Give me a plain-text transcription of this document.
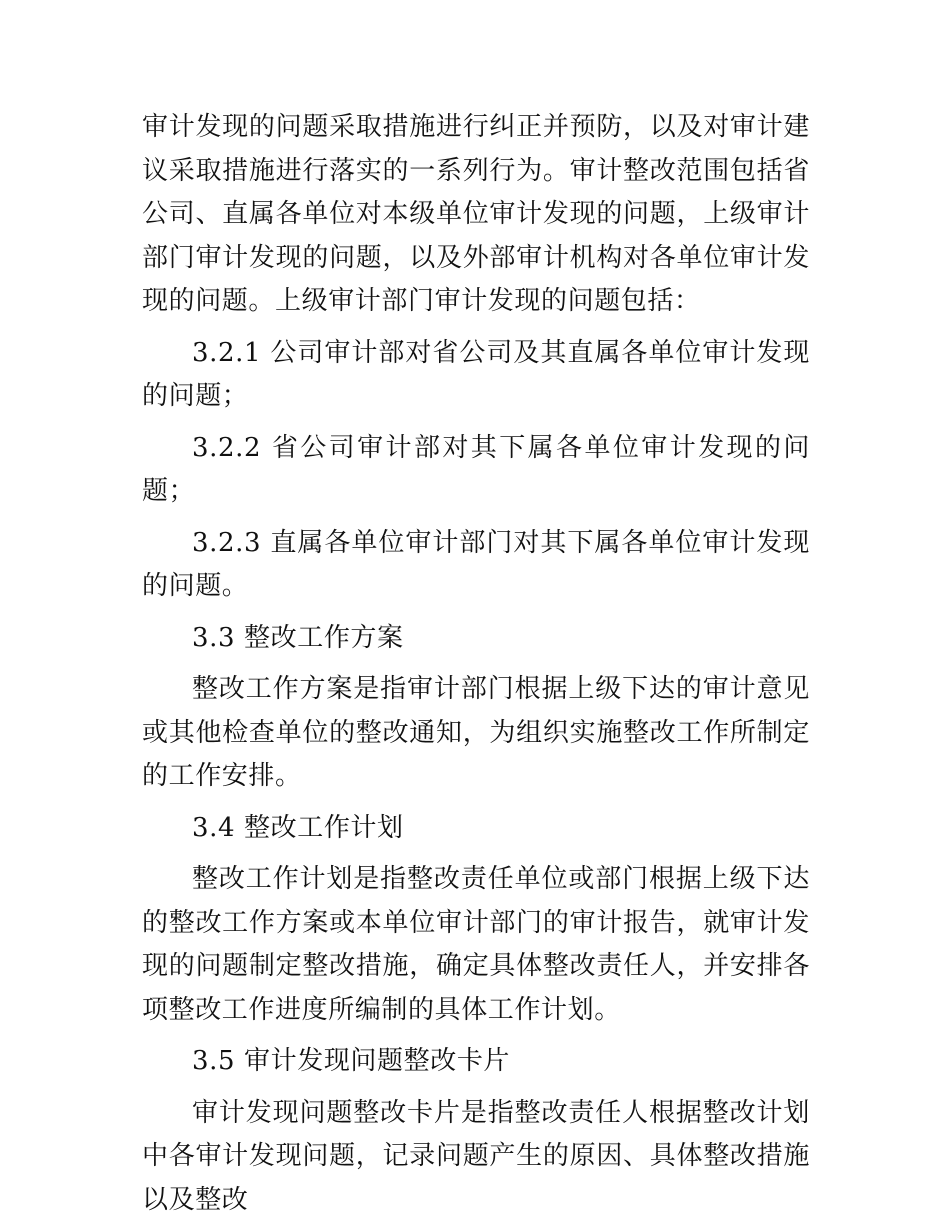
审计发现的问题采取措施进行纠正并预防，以及对审计建议采取措施进行落实的一系列行为。审计整改范围包括省公司、直属各单位对本级单位审计发现的问题，上级审计部门审计发现的问题，以及外部审计机构对各单位审计发现的问题。上级审计部门审计发现的问题包括：

3.2.1 公司审计部对省公司及其直属各单位审计发现的问题；

3.2.2 省公司审计部对其下属各单位审计发现的问题；

3.2.3 直属各单位审计部门对其下属各单位审计发现的问题。

3.3 整改工作方案

整改工作方案是指审计部门根据上级下达的审计意见或其他检查单位的整改通知，为组织实施整改工作所制定的工作安排。

3.4 整改工作计划

整改工作计划是指整改责任单位或部门根据上级下达的整改工作方案或本单位审计部门的审计报告，就审计发现的问题制定整改措施，确定具体整改责任人，并安排各项整改工作进度所编制的具体工作计划。

3.5 审计发现问题整改卡片

审计发现问题整改卡片是指整改责任人根据整改计划中各审计发现问题，记录问题产生的原因、具体整改措施以及整改
